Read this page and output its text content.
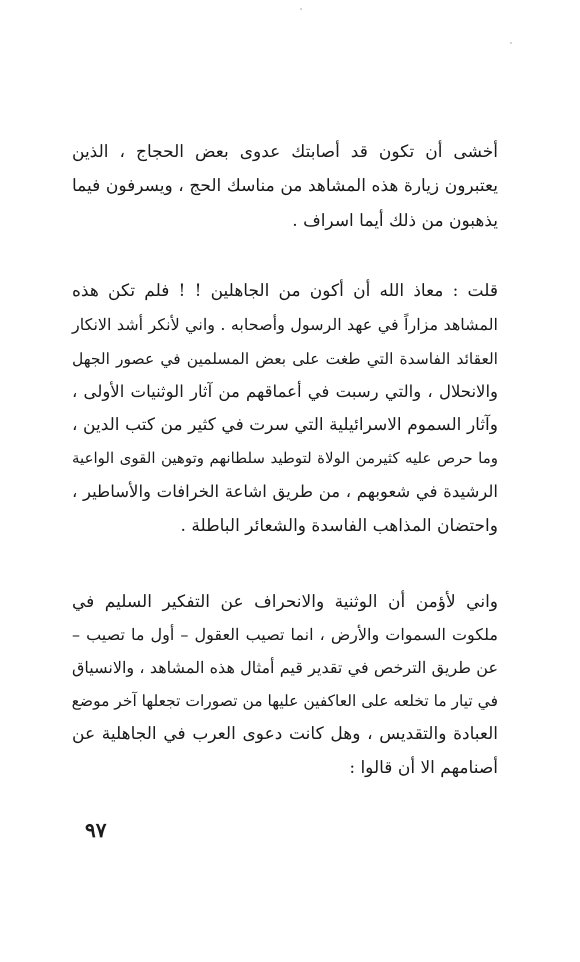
أخشى أن تكون قد أصابتك عدوى بعض الحجاج ، الذين
يعتبرون زيارة هذه المشاهد من مناسك الحج ، ويسرفون فيما
يذهبون من ذلك أيما اسراف .
قلت : معاذ الله أن أكون من الجاهلين ! ! فلم تكن هذه
المشاهد مزاراً في عهد الرسول وأصحابه . واني لأنكر أشد الانكار
العقائد الفاسدة التي طغت على بعض المسلمين في عصور الجهل
والانحلال ، والتي رسبت في أعماقهم من آثار الوثنيات الأولى ،
وآثار السموم الاسرائيلية التي سرت في كثير من كتب الدين ،
وما حرص عليه كثيرمن الولاة لتوطيد سلطانهم وتوهين القوى الواعية
الرشيدة في شعوبهم ، من طريق اشاعة الخرافات والأساطير ،
واحتضان المذاهب الفاسدة والشعائر الباطلة .
واني لأؤمن أن الوثنية والانحراف عن التفكير السليم في
ملكوت السموات والأرض ، انما تصيب العقول – أول ما تصيب –
عن طريق الترخص في تقدير قيم أمثال هذه المشاهد ، والانسياق
في تيار ما تخلعه على العاكفين عليها من تصورات تجعلها آخر موضع
العبادة والتقديس ، وهل كانت دعوى العرب في الجاهلية عن
أصنامهم الا أن قالوا :
٩٧
